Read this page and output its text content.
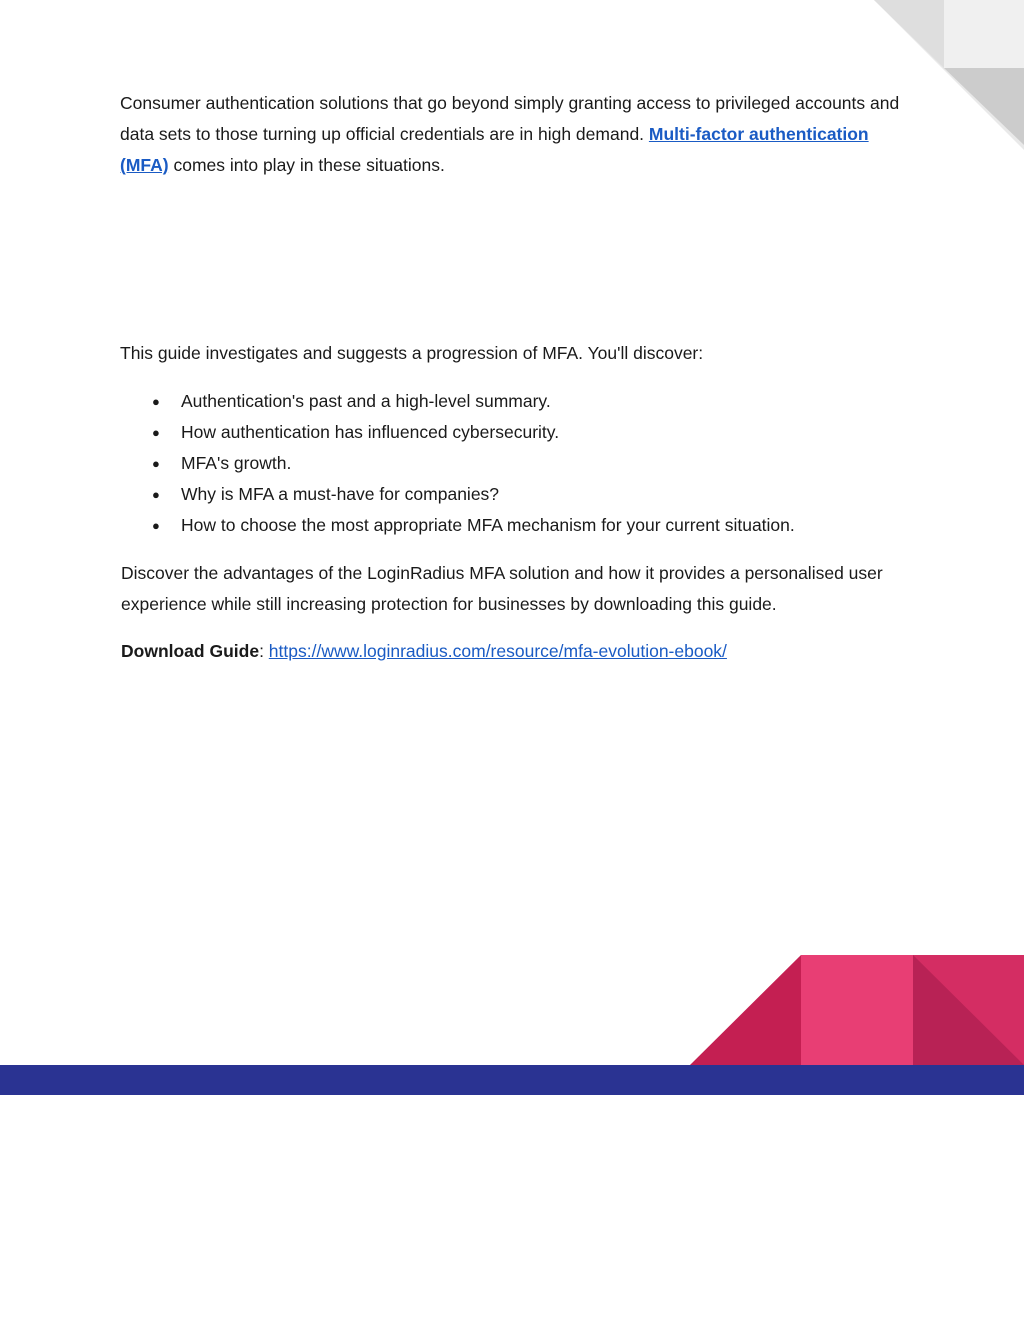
Consumer authentication solutions that go beyond simply granting access to privileged accounts and data sets to those turning up official credentials are in high demand. Multi-factor authentication (MFA) comes into play in these situations.

This guide investigates and suggests a progression of MFA. You'll discover:

● Authentication's past and a high-level summary.
● How authentication has influenced cybersecurity.
● MFA's growth.
● Why is MFA a must-have for companies?
● How to choose the most appropriate MFA mechanism for your current situation.

Discover the advantages of the LoginRadius MFA solution and how it provides a personalised user experience while still increasing protection for businesses by downloading this guide.

Download Guide: https://www.loginradius.com/resource/mfa-evolution-ebook/
